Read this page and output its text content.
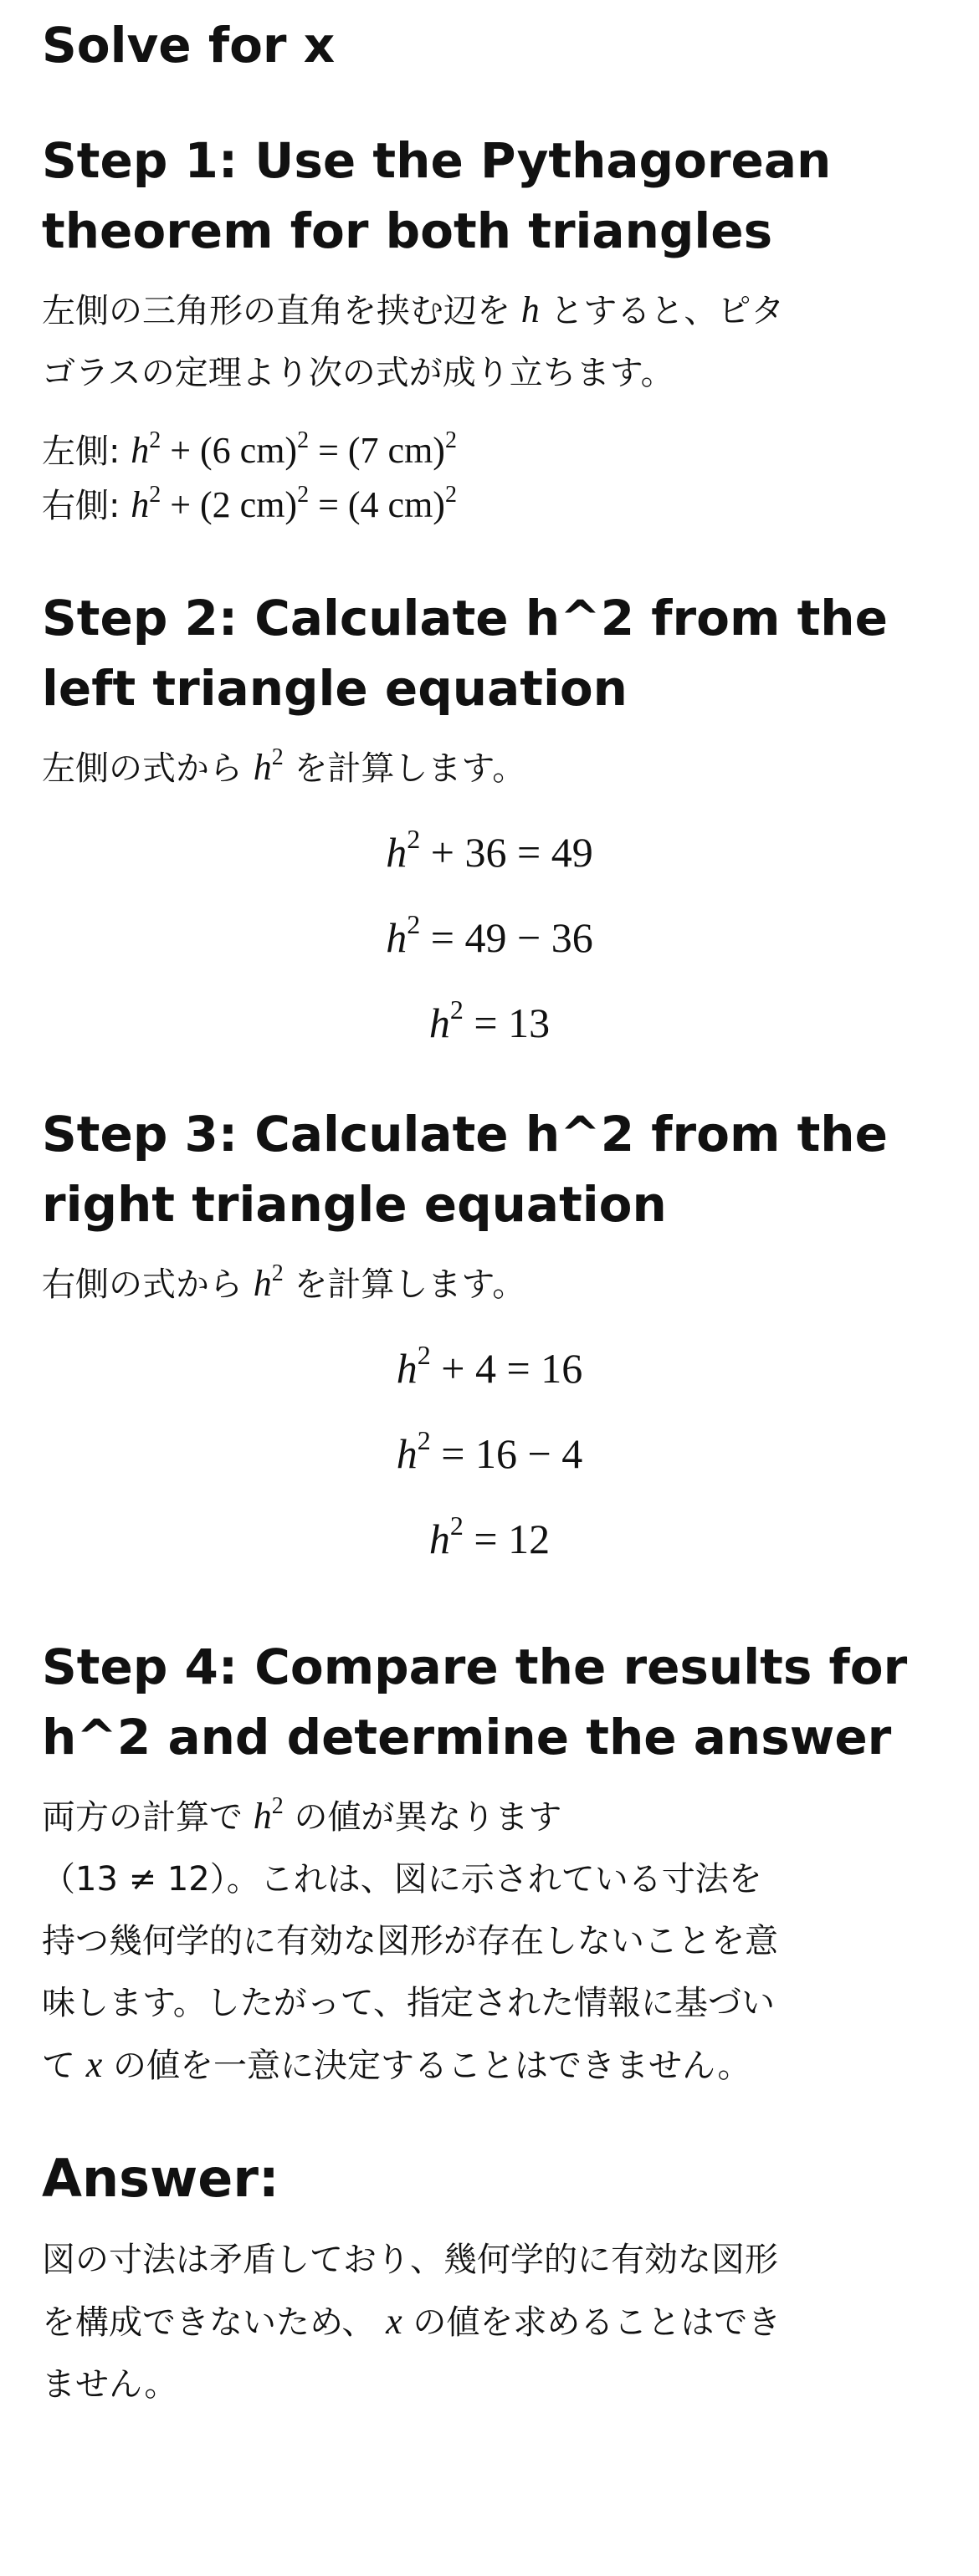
Solve for x
Step 1: Use the Pythagorean
theorem for both triangles

左側の三角形の直角を挟む辺を h とすると、ピタ
ゴラスの定理より次の式が成り立ちます。

左側: $h^2 + (6$ cm)$^2$ = (7 cm)$^2$
右側: $h^2 + (2$ cm)$^2$ = (4 cm)$^2$
Step 2: Calculate h^2 from the
left triangle equation

左側の式から $h^2$ を計算します。

$h^2 + 36 = 49$
$h^2 = 49 - 36$
$h^2 = 13$
Step 3: Calculate h^2 from the
right triangle equation

右側の式から $h^2$ を計算します。

$h^2 + 4 = 16$
$h^2 = 16 - 4$
$h^2 = 12$
Step 4: Compare the results for
h^2 and determine the answer

両方の計算で $h^2$ の値が異なります
（13 ≠ 12）。これは、図に示されている寸法を
持つ幾何学的に有効な図形が存在しないことを意
味します。したがって、指定された情報に基づい
て x の値を一意に決定することはできません。

Answer:

図の寸法は矛盾しており、幾何学的に有効な図形
を構成できないため、 x の値を求めることはでき
ません。
